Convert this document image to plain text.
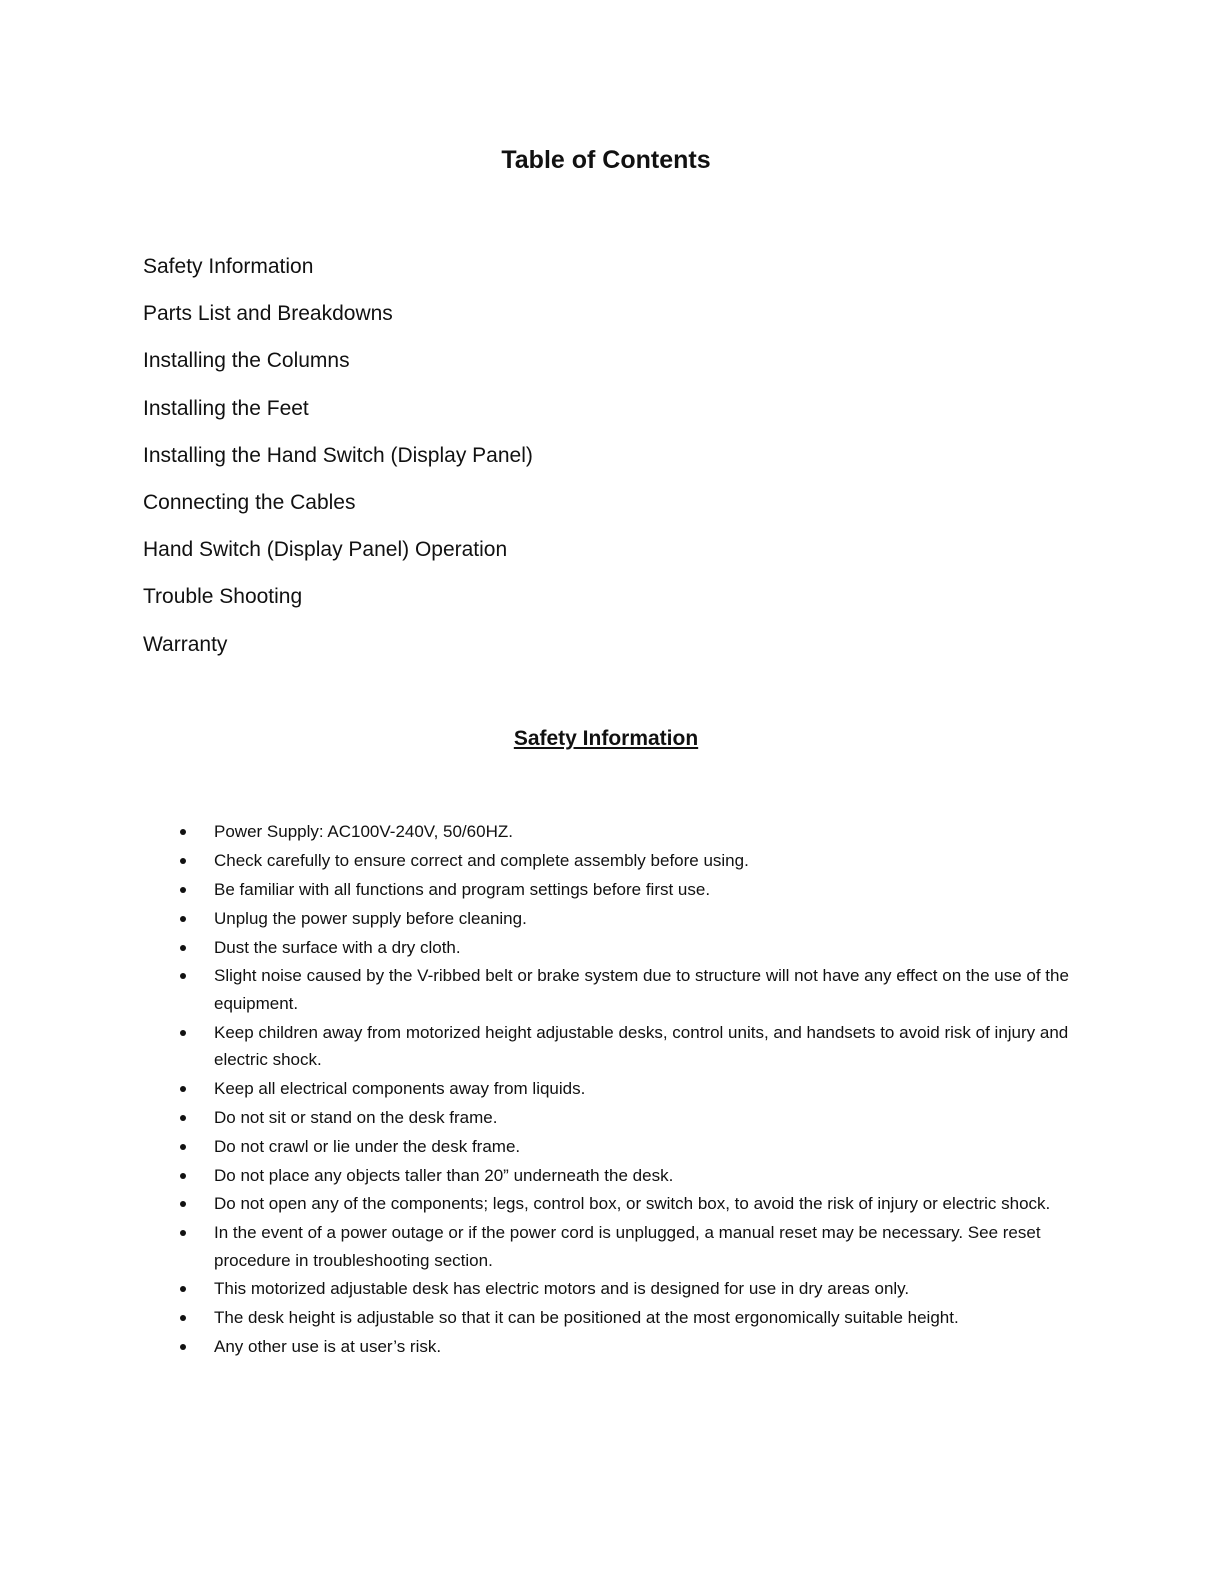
Table of Contents
Safety Information
Parts List and Breakdowns
Installing the Columns
Installing the Feet
Installing the Hand Switch (Display Panel)
Connecting the Cables
Hand Switch (Display Panel) Operation
Trouble Shooting
Warranty
Safety Information
Power Supply: AC100V-240V, 50/60HZ.
Check carefully to ensure correct and complete assembly before using.
Be familiar with all functions and program settings before first use.
Unplug the power supply before cleaning.
Dust the surface with a dry cloth.
Slight noise caused by the V-ribbed belt or brake system due to structure will not have any effect on the use of the equipment.
Keep children away from motorized height adjustable desks, control units, and handsets to avoid risk of injury and electric shock.
Keep all electrical components away from liquids.
Do not sit or stand on the desk frame.
Do not crawl or lie under the desk frame.
Do not place any objects taller than 20” underneath the desk.
Do not open any of the components; legs, control box, or switch box, to avoid the risk of injury or electric shock.
In the event of a power outage or if the power cord is unplugged, a manual reset may be necessary. See reset procedure in troubleshooting section.
This motorized adjustable desk has electric motors and is designed for use in dry areas only.
The desk height is adjustable so that it can be positioned at the most ergonomically suitable height.
Any other use is at user’s risk.
